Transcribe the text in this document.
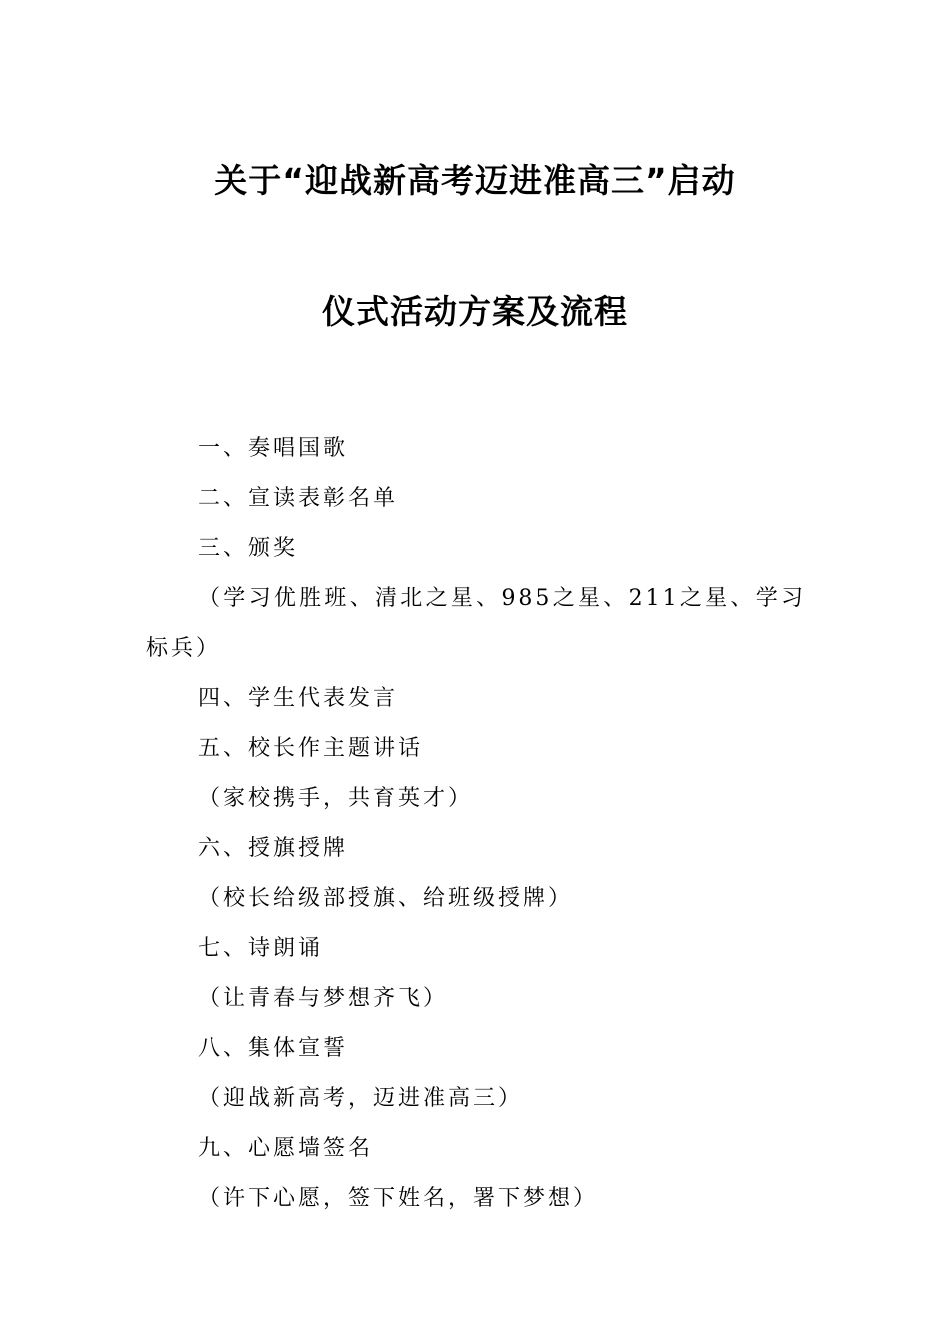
关于“迎战新高考迈进准高三”启动
仪式活动方案及流程
一、奏唱国歌
二、宣读表彰名单
三、颁奖
（学习优胜班、清北之星、985之星、211之星、学习标兵）
四、学生代表发言
五、校长作主题讲话
（家校携手，共育英才）
六、授旗授牌
（校长给级部授旗、给班级授牌）
七、诗朗诵
（让青春与梦想齐飞）
八、集体宣誓
（迎战新高考，迈进准高三）
九、心愿墙签名
（许下心愿，签下姓名，署下梦想）
